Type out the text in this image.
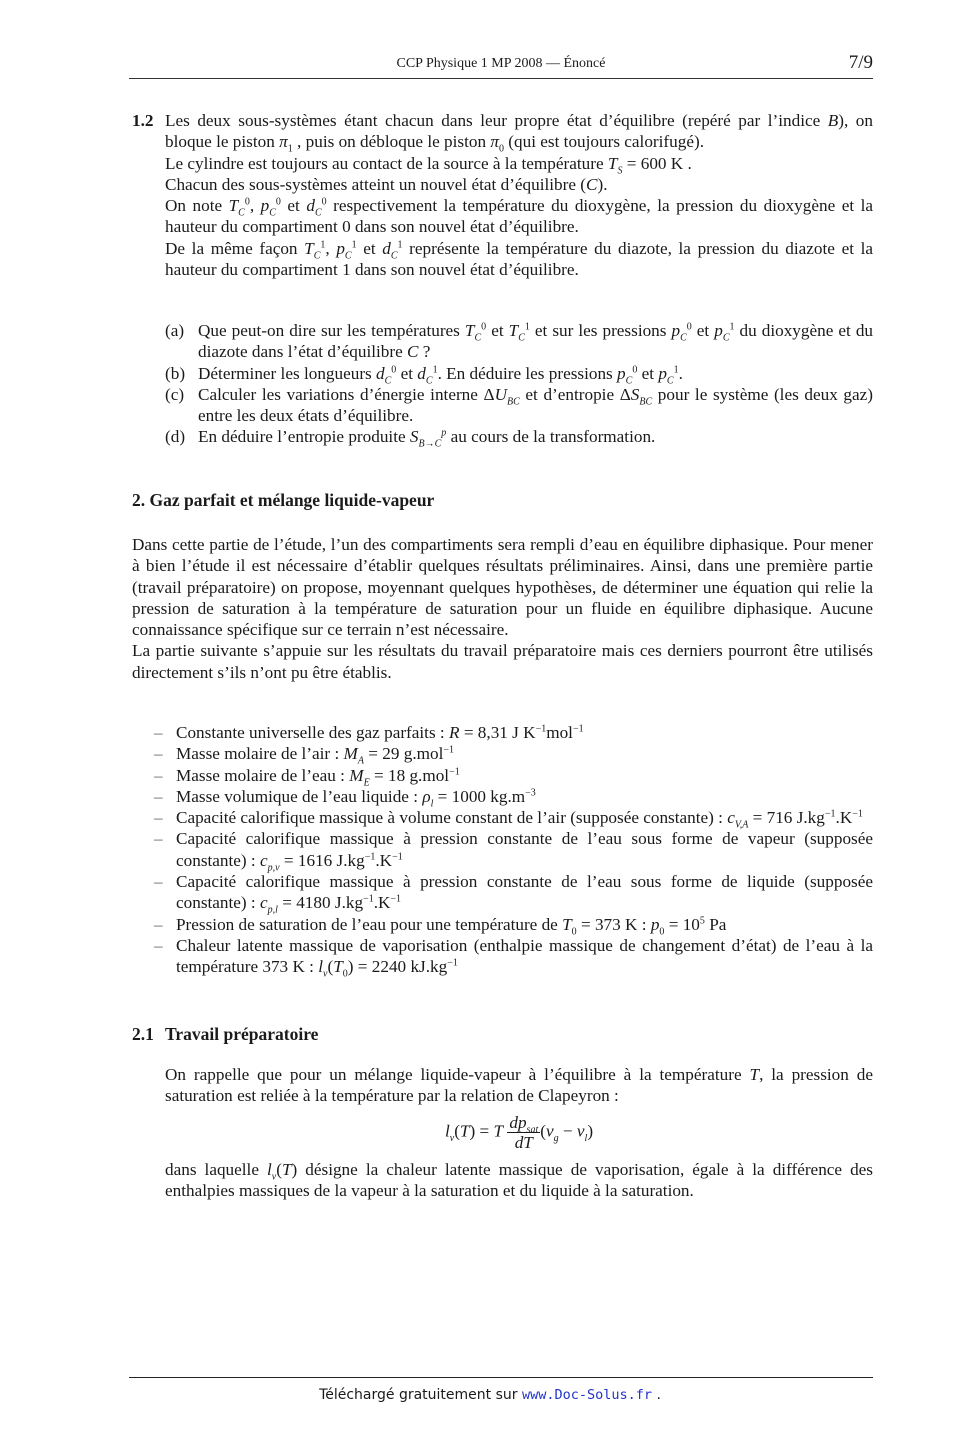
CCP Physique 1 MP 2008 — Énoncé	7/9
1.2 Les deux sous-systèmes étant chacun dans leur propre état d’équilibre (repéré par l’indice B), on bloque le piston $\pi_1$ , puis on débloque le piston $\pi_0$ (qui est toujours calorifugé).
Le cylindre est toujours au contact de la source à la température $T_S = 600$ K .
Chacun des sous-systèmes atteint un nouvel état d’équilibre (C).
On note $T_C^0$, $p_C^0$ et $d_C^0$ respectivement la température du dioxygène, la pression du dioxygène et la hauteur du compartiment 0 dans son nouvel état d’équilibre.
De la même façon $T_C^1$, $p_C^1$ et $d_C^1$ représente la température du diazote, la pression du diazote et la hauteur du compartiment 1 dans son nouvel état d’équilibre.
(a) Que peut-on dire sur les températures $T_C^0$ et $T_C^1$ et sur les pressions $p_C^0$ et $p_C^1$ du dioxygène et du diazote dans l’état d’équilibre C ?
(b) Déterminer les longueurs $d_C^0$ et $d_C^1$. En déduire les pressions $p_C^0$ et $p_C^1$.
(c) Calculer les variations d’énergie interne $\Delta U_{BC}$ et d’entropie $\Delta S_{BC}$ pour le système (les deux gaz) entre les deux états d’équilibre.
(d) En déduire l’entropie produite $S_{B\to C}^p$ au cours de la transformation.
2. Gaz parfait et mélange liquide-vapeur
Dans cette partie de l’étude, l’un des compartiments sera rempli d’eau en équilibre diphasique. Pour mener à bien l’étude il est nécessaire d’établir quelques résultats préliminaires. Ainsi, dans une première partie (travail préparatoire) on propose, moyennant quelques hypothèses, de déterminer une équation qui relie la pression de saturation à la température de saturation pour un fluide en équilibre diphasique. Aucune connaissance spécifique sur ce terrain n’est nécessaire.
La partie suivante s’appuie sur les résultats du travail préparatoire mais ces derniers pourront être utilisés directement s’ils n’ont pu être établis.
– Constante universelle des gaz parfaits : R = 8,31 J $K^{-1}mol^{-1}$
– Masse molaire de l’air : $M_A = 29$ g.mol$^{-1}$
– Masse molaire de l’eau : $M_E = 18$ g.mol$^{-1}$
– Masse volumique de l’eau liquide : $\rho_l = 1000$ $kg.m^{-3}$
– Capacité calorifique massique à volume constant de l’air (supposée constante) : $c_{V,A} = 716$ $J.kg^{-1}.K^{-1}$
– Capacité calorifique massique à pression constante de l’eau sous forme de vapeur (supposée constante) : $c_{p,v} = 1616$ $J.kg^{-1}.K^{-1}$
– Capacité calorifique massique à pression constante de l’eau sous forme de liquide (supposée constante) : $c_{p,l} = 4180$ $J.kg^{-1}.K^{-1}$
– Pression de saturation de l’eau pour une température de $T_0 = 373$ K : $p_0 = 10^5$ Pa
– Chaleur latente massique de vaporisation (enthalpie massique de changement d’état) de l’eau à la température 373 K : $l_v(T_0) = 2240$ $kJ.kg^{-1}$
2.1 Travail préparatoire
On rappelle que pour un mélange liquide-vapeur à l’équilibre à la température T, la pression de saturation est reliée à la température par la relation de Clapeyron :
$l_v(T) = T \frac{dp_{sat}}{dT} (v_g - v_l)$
dans laquelle $l_v(T)$ désigne la chaleur latente massique de vaporisation, égale à la différence des enthalpies massiques de la vapeur à la saturation et du liquide à la saturation.
Téléchargé gratuitement sur www.Doc-Solus.fr .
